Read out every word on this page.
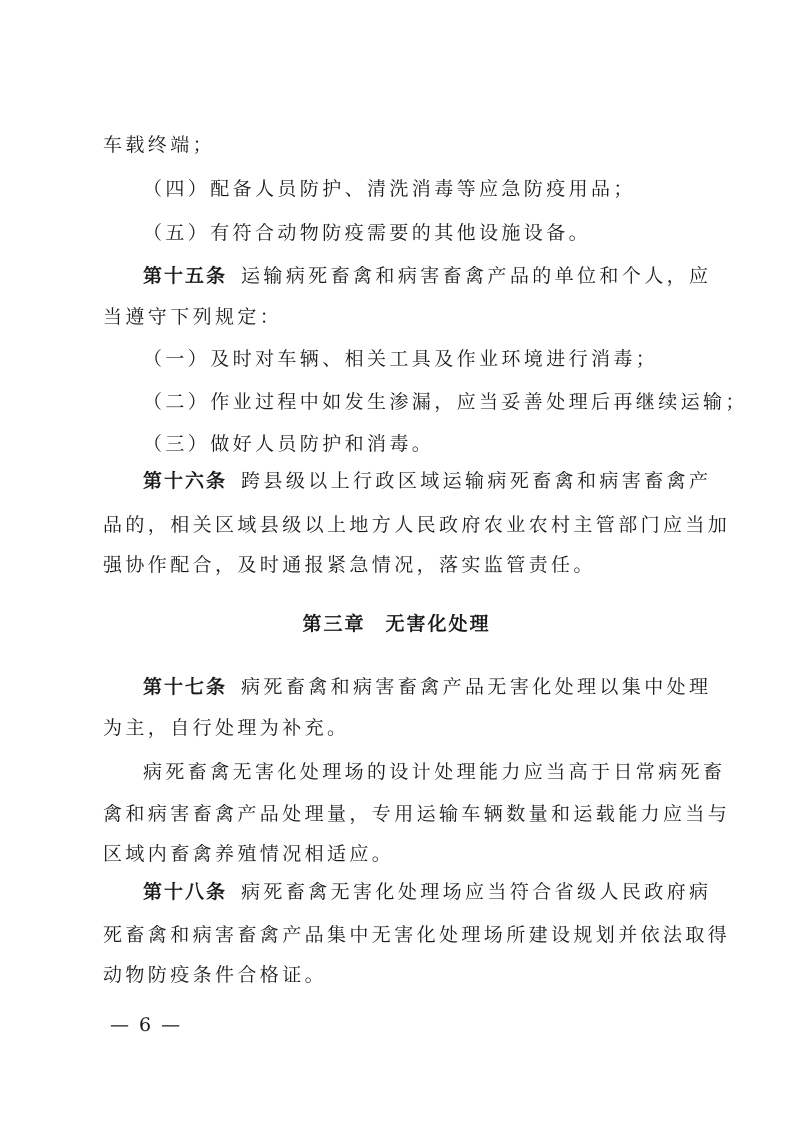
车载终端；
（四）配备人员防护、清洗消毒等应急防疫用品；
（五）有符合动物防疫需要的其他设施设备。
第十五条 运输病死畜禽和病害畜禽产品的单位和个人，应
当遵守下列规定：
（一）及时对车辆、相关工具及作业环境进行消毒；
（二）作业过程中如发生渗漏，应当妥善处理后再继续运输；
（三）做好人员防护和消毒。
第十六条 跨县级以上行政区域运输病死畜禽和病害畜禽产
品的，相关区域县级以上地方人民政府农业农村主管部门应当加
强协作配合，及时通报紧急情况，落实监管责任。
第三章 无害化处理
第十七条 病死畜禽和病害畜禽产品无害化处理以集中处理
为主，自行处理为补充。
病死畜禽无害化处理场的设计处理能力应当高于日常病死畜
禽和病害畜禽产品处理量，专用运输车辆数量和运载能力应当与
区域内畜禽养殖情况相适应。
第十八条 病死畜禽无害化处理场应当符合省级人民政府病
死畜禽和病害畜禽产品集中无害化处理场所建设规划并依法取得
动物防疫条件合格证。
— 6 —
